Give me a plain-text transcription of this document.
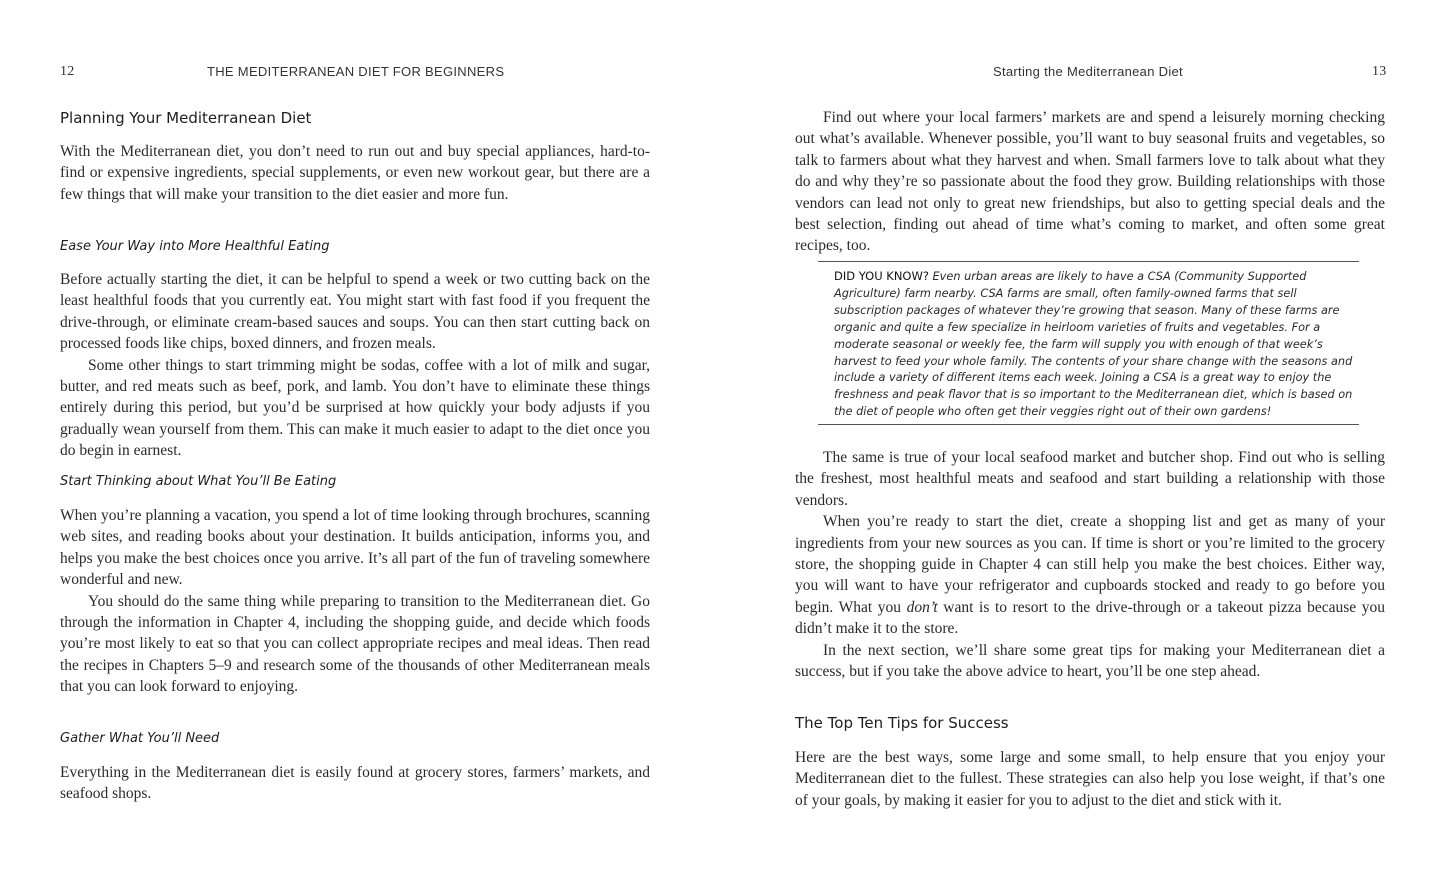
12	THE MEDITERRANEAN DIET FOR BEGINNERS
Planning Your Mediterranean Diet

With the Mediterranean diet, you don’t need to run out and buy special appliances, hard-to-find or expensive ingredients, special supplements, or even new workout gear, but there are a few things that will make your transition to the diet easier and more fun.

Ease Your Way into More Healthful Eating

Before actually starting the diet, it can be helpful to spend a week or two cutting back on the least healthful foods that you currently eat. You might start with fast food if you frequent the drive-through, or eliminate cream-based sauces and soups. You can then start cutting back on processed foods like chips, boxed dinners, and frozen meals.

Some other things to start trimming might be sodas, coffee with a lot of milk and sugar, butter, and red meats such as beef, pork, and lamb. You don’t have to eliminate these things entirely during this period, but you’d be surprised at how quickly your body adjusts if you gradually wean yourself from them. This can make it much easier to adapt to the diet once you do begin in earnest.

Start Thinking about What You’ll Be Eating

When you’re planning a vacation, you spend a lot of time looking through brochures, scanning web sites, and reading books about your destination. It builds anticipation, informs you, and helps you make the best choices once you arrive. It’s all part of the fun of traveling somewhere wonderful and new.

You should do the same thing while preparing to transition to the Mediterranean diet. Go through the information in Chapter 4, including the shopping guide, and decide which foods you’re most likely to eat so that you can collect appropriate recipes and meal ideas. Then read the recipes in Chapters 5–9 and research some of the thousands of other Mediterranean meals that you can look forward to enjoying.

Gather What You’ll Need

Everything in the Mediterranean diet is easily found at grocery stores, farmers’ markets, and seafood shops.

Starting the Mediterranean Diet	13

Find out where your local farmers’ markets are and spend a leisurely morning checking out what’s available. Whenever possible, you’ll want to buy seasonal fruits and vegetables, so talk to farmers about what they harvest and when. Small farmers love to talk about what they do and why they’re so passionate about the food they grow. Building relationships with those vendors can lead not only to great new friendships, but also to getting special deals and the best selection, finding out ahead of time what’s coming to market, and often some great recipes, too.

DID YOU KNOW? Even urban areas are likely to have a CSA (Community Supported Agriculture) farm nearby. CSA farms are small, often family-owned farms that sell subscription packages of whatever they’re growing that season. Many of these farms are organic and quite a few specialize in heirloom varieties of fruits and vegetables. For a moderate seasonal or weekly fee, the farm will supply you with enough of that week’s harvest to feed your whole family. The contents of your share change with the seasons and include a variety of different items each week. Joining a CSA is a great way to enjoy the freshness and peak flavor that is so important to the Mediterranean diet, which is based on the diet of people who often get their veggies right out of their own gardens!

The same is true of your local seafood market and butcher shop. Find out who is selling the freshest, most healthful meats and seafood and start building a relationship with those vendors.

When you’re ready to start the diet, create a shopping list and get as many of your ingredients from your new sources as you can. If time is short or you’re limited to the grocery store, the shopping guide in Chapter 4 can still help you make the best choices. Either way, you will want to have your refrigerator and cupboards stocked and ready to go before you begin. What you don’t want is to resort to the drive-through or a takeout pizza because you didn’t make it to the store.

In the next section, we’ll share some great tips for making your Mediterranean diet a success, but if you take the above advice to heart, you’ll be one step ahead.

The Top Ten Tips for Success

Here are the best ways, some large and some small, to help ensure that you enjoy your Mediterranean diet to the fullest. These strategies can also help you lose weight, if that’s one of your goals, by making it easier for you to adjust to the diet and stick with it.
